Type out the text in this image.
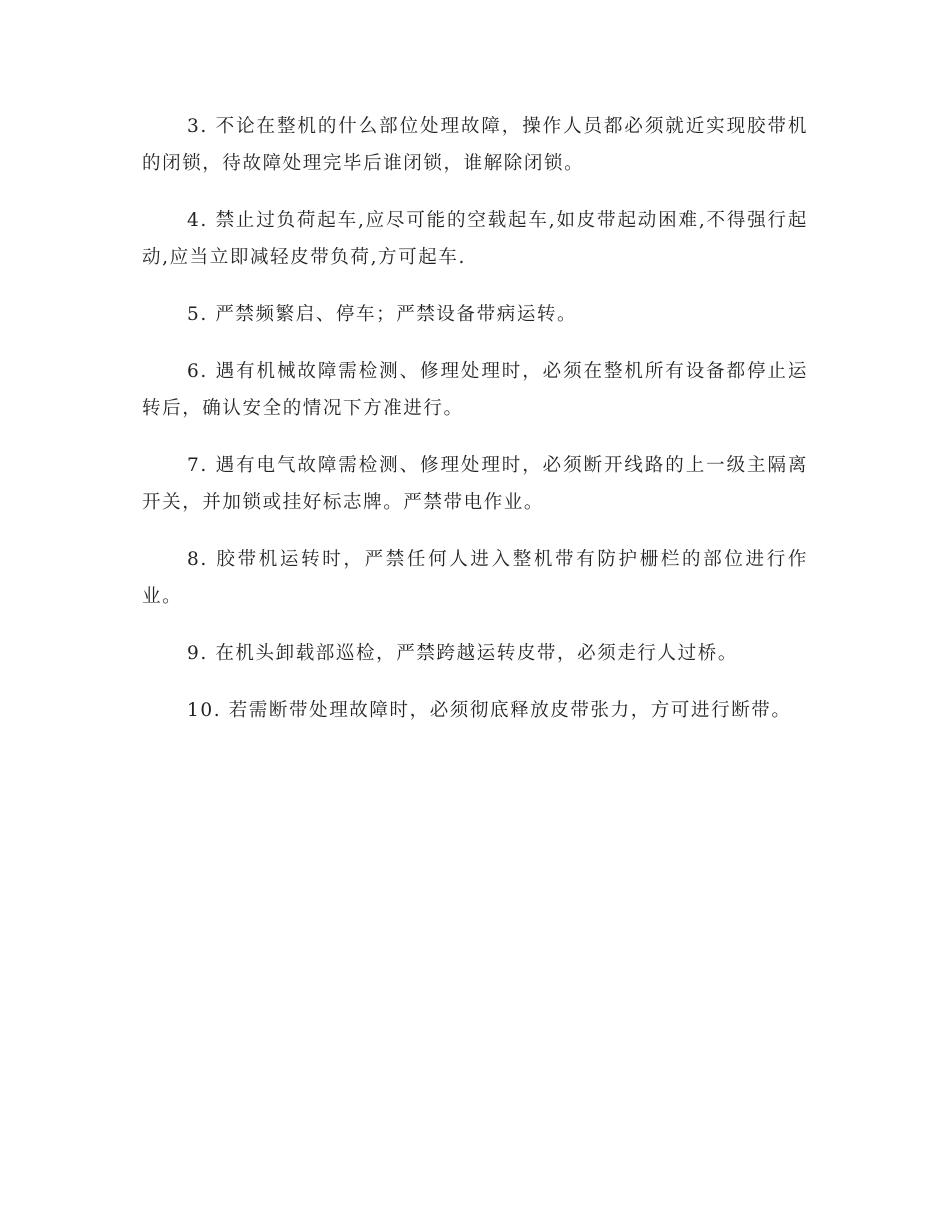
3. 不论在整机的什么部位处理故障，操作人员都必须就近实现胶带机的闭锁，待故障处理完毕后谁闭锁，谁解除闭锁。

4. 禁止过负荷起车,应尽可能的空载起车,如皮带起动困难,不得强行起动,应当立即减轻皮带负荷,方可起车.

5. 严禁频繁启、停车；严禁设备带病运转。

6. 遇有机械故障需检测、修理处理时，必须在整机所有设备都停止运转后，确认安全的情况下方准进行。

7. 遇有电气故障需检测、修理处理时，必须断开线路的上一级主隔离开关，并加锁或挂好标志牌。严禁带电作业。

8. 胶带机运转时，严禁任何人进入整机带有防护栅栏的部位进行作业。

9. 在机头卸载部巡检，严禁跨越运转皮带，必须走行人过桥。

10. 若需断带处理故障时，必须彻底释放皮带张力，方可进行断带。
